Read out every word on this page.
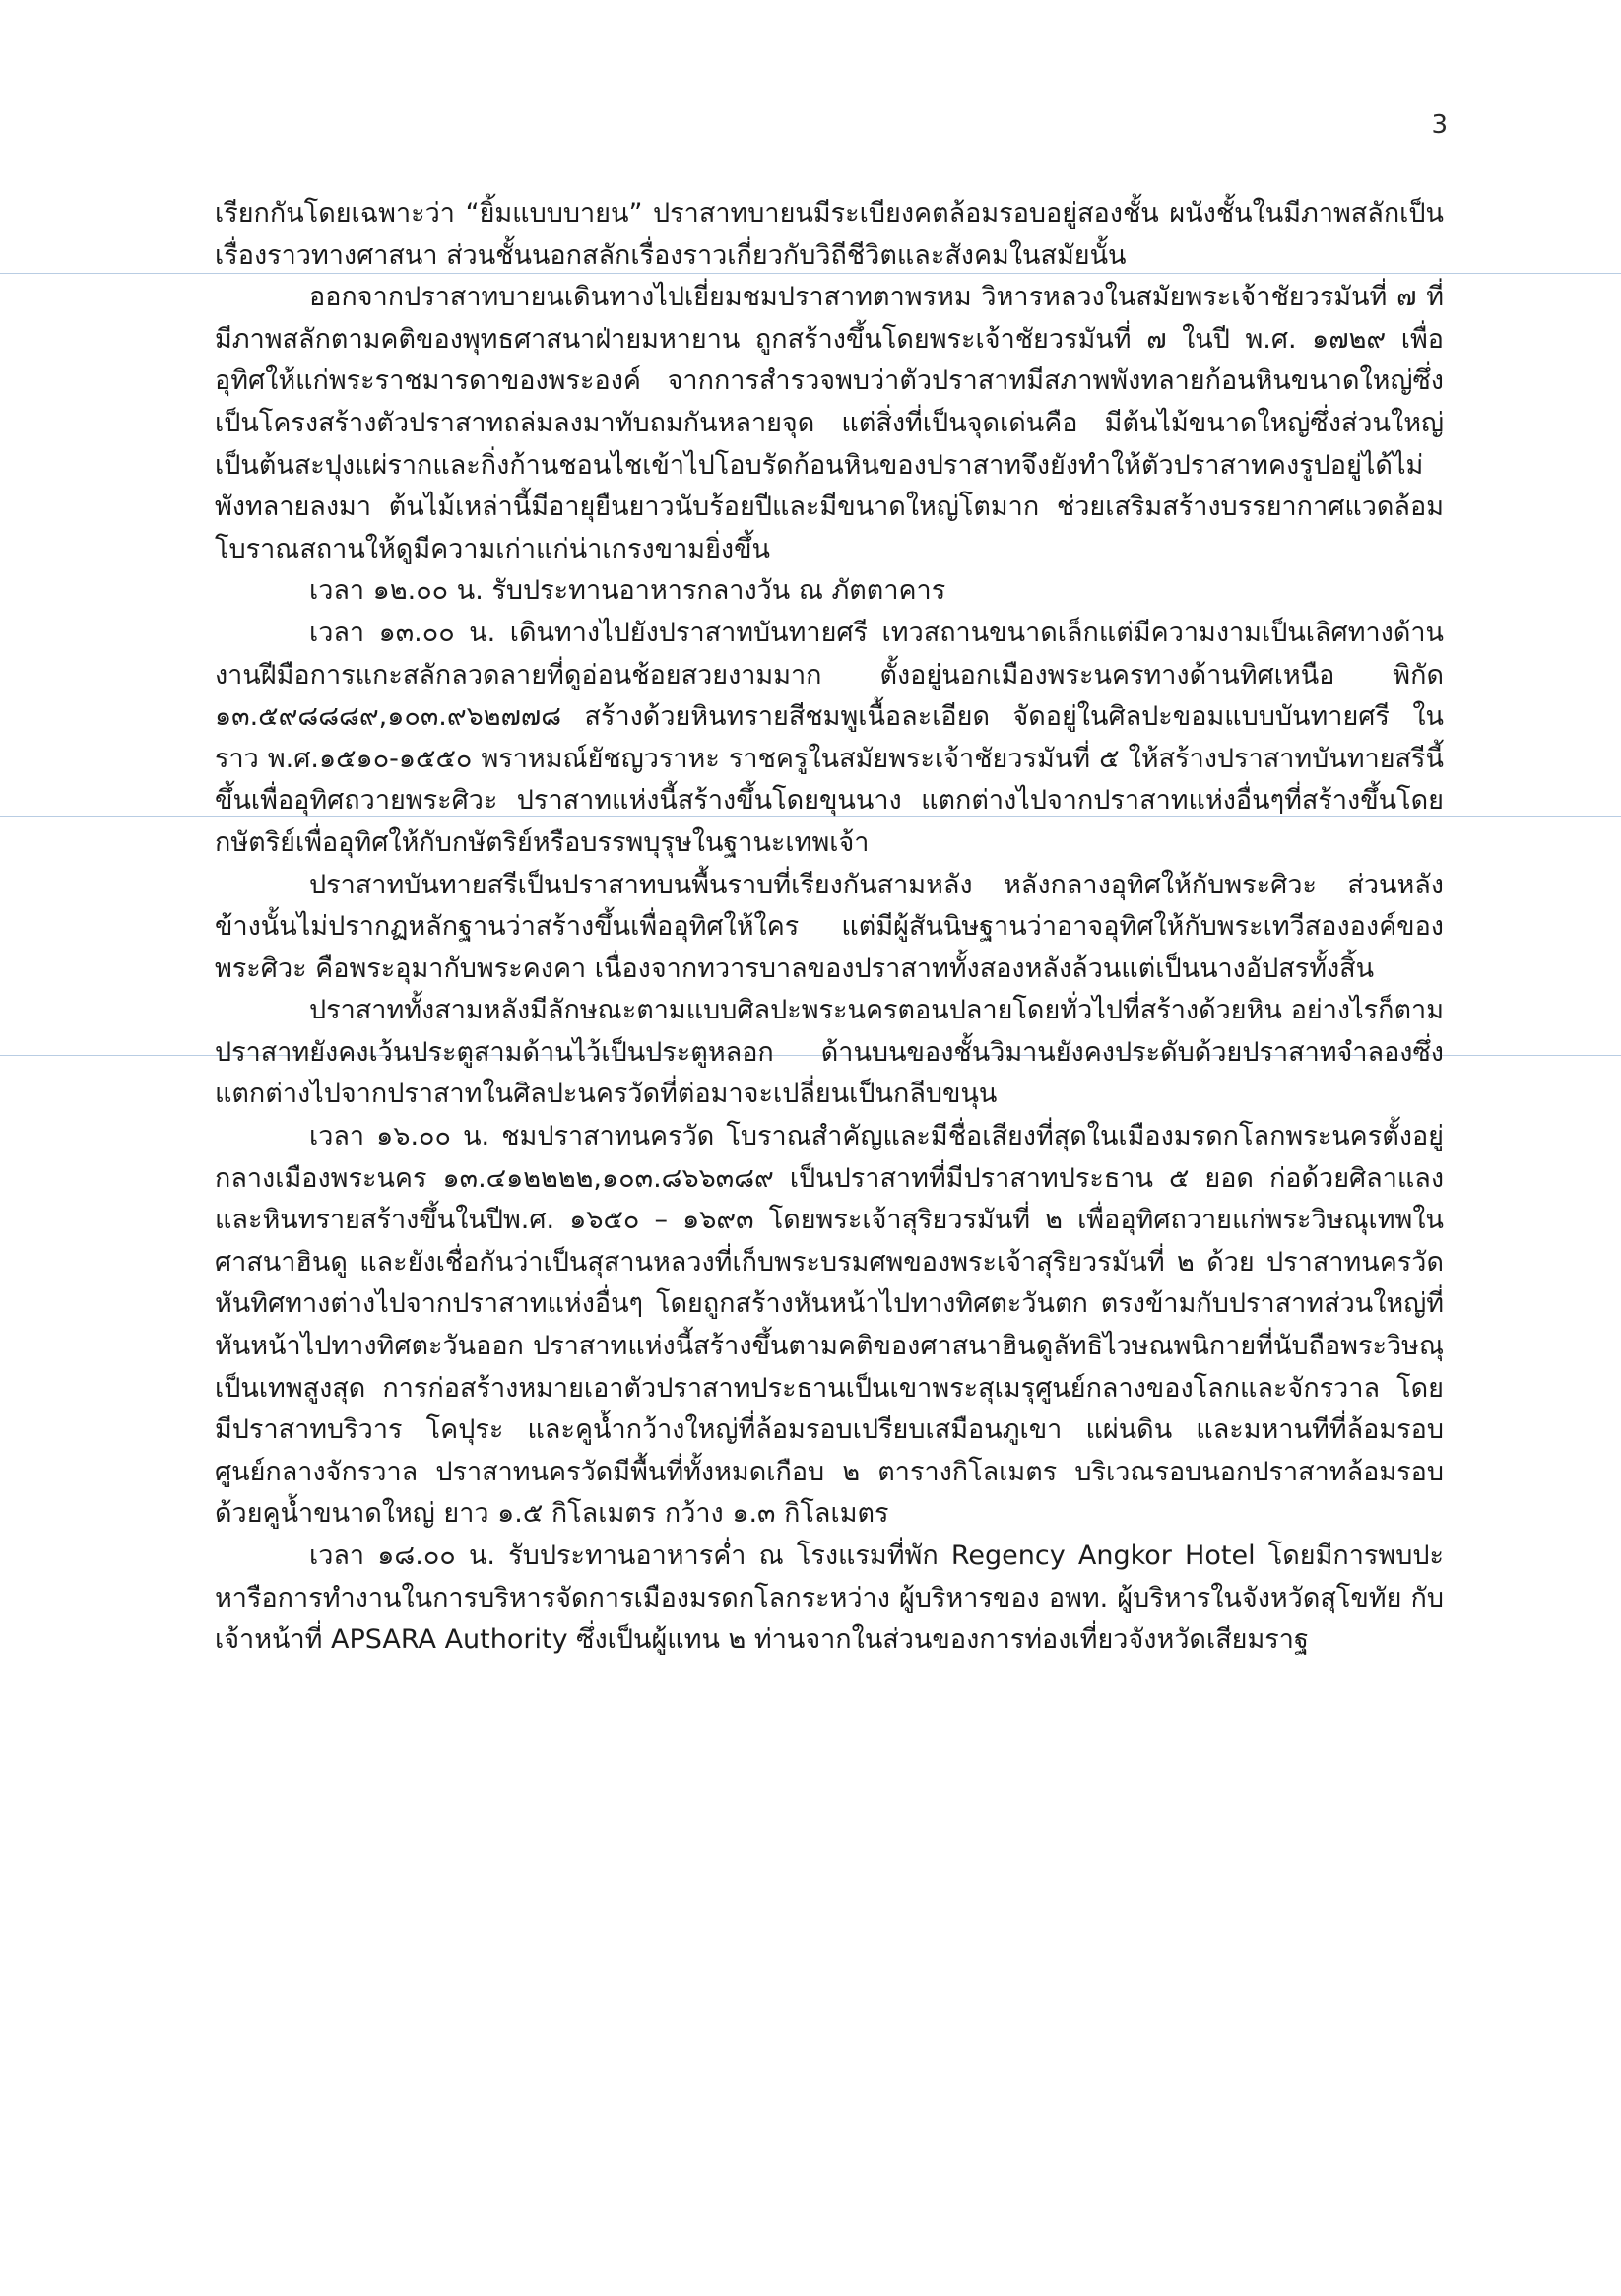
3

เรียกกันโดยเฉพาะว่า “ยิ้มแบบบายน” ปราสาทบายนมีระเบียงคตล้อมรอบอยู่สองชั้น ผนังชั้นในมีภาพสลักเป็นเรื่องราวทางศาสนา ส่วนชั้นนอกสลักเรื่องราวเกี่ยวกับวิถีชีวิตและสังคมในสมัยนั้น

ออกจากปราสาทบายนเดินทางไปเยี่ยมชมปราสาทตาพรหม วิหารหลวงในสมัยพระเจ้าชัยวรมันที่ ๗ ที่มีภาพสลักตามคติของพุทธศาสนาฝ่ายมหายาน ถูกสร้างขึ้นโดยพระเจ้าชัยวรมันที่ ๗ ในปี พ.ศ. ๑๗๒๙ เพื่ออุทิศให้แก่พระราชมารดาของพระองค์ จากการสำรวจพบว่าตัวปราสาทมีสภาพพังทลายก้อนหินขนาดใหญ่ซึ่งเป็นโครงสร้างตัวปราสาทถล่มลงมาทับถมกันหลายจุด แต่สิ่งที่เป็นจุดเด่นคือ มีต้นไม้ขนาดใหญ่ซึ่งส่วนใหญ่เป็นต้นสะปุงแผ่รากและกิ่งก้านชอนไชเข้าไปโอบรัดก้อนหินของปราสาทจึงยังทำให้ตัวปราสาทคงรูปอยู่ได้ไม่พังทลายลงมา ต้นไม้เหล่านี้มีอายุยืนยาวนับร้อยปีและมีขนาดใหญ่โตมาก ช่วยเสริมสร้างบรรยากาศแวดล้อมโบราณสถานให้ดูมีความเก่าแก่น่าเกรงขามยิ่งขึ้น

เวลา ๑๒.๐๐ น. รับประทานอาหารกลางวัน ณ ภัตตาคาร

เวลา ๑๓.๐๐ น. เดินทางไปยังปราสาทบันทายศรี เทวสถานขนาดเล็กแต่มีความงามเป็นเลิศทางด้านงานฝีมือการแกะสลักลวดลายที่ดูอ่อนช้อยสวยงามมาก ตั้งอยู่นอกเมืองพระนครทางด้านทิศเหนือ พิกัด ๑๓.๕๙๘๘๘๙,๑๐๓.๙๖๒๗๗๘ สร้างด้วยหินทรายสีชมพูเนื้อละเอียด จัดอยู่ในศิลปะขอมแบบบันทายศรี ในราว พ.ศ.๑๕๑๐-๑๕๕๐ พราหมณ์ยัชญวราหะ ราชครูในสมัยพระเจ้าชัยวรมันที่ ๕ ให้สร้างปราสาทบันทายสรีนี้ขึ้นเพื่ออุทิศถวายพระศิวะ ปราสาทแห่งนี้สร้างขึ้นโดยขุนนาง แตกต่างไปจากปราสาทแห่งอื่นๆที่สร้างขึ้นโดยกษัตริย์เพื่ออุทิศให้กับกษัตริย์หรือบรรพบุรุษในฐานะเทพเจ้า

ปราสาทบันทายสรีเป็นปราสาทบนพื้นราบที่เรียงกันสามหลัง หลังกลางอุทิศให้กับพระศิวะ ส่วนหลังข้างนั้นไม่ปรากฏหลักฐานว่าสร้างขึ้นเพื่ออุทิศให้ใคร แต่มีผู้สันนิษฐานว่าอาจอุทิศให้กับพระเทวีสององค์ของพระศิวะ คือพระอุมากับพระคงคา เนื่องจากทวารบาลของปราสาททั้งสองหลังล้วนแต่เป็นนางอัปสรทั้งสิ้น

ปราสาททั้งสามหลังมีลักษณะตามแบบศิลปะพระนครตอนปลายโดยทั่วไปที่สร้างด้วยหิน อย่างไรก็ตามปราสาทยังคงเว้นประตูสามด้านไว้เป็นประตูหลอก ด้านบนของชั้นวิมานยังคงประดับด้วยปราสาทจำลองซึ่งแตกต่างไปจากปราสาทในศิลปะนครวัดที่ต่อมาจะเปลี่ยนเป็นกลีบขนุน

เวลา ๑๖.๐๐ น. ชมปราสาทนครวัด โบราณสำคัญและมีชื่อเสียงที่สุดในเมืองมรดกโลกพระนครตั้งอยู่กลางเมืองพระนคร ๑๓.๔๑๒๒๒๒,๑๐๓.๘๖๖๓๘๙ เป็นปราสาทที่มีปราสาทประธาน ๕ ยอด ก่อด้วยศิลาแลงและหินทรายสร้างขึ้นในปีพ.ศ. ๑๖๕๐ – ๑๖๙๓ โดยพระเจ้าสุริยวรมันที่ ๒ เพื่ออุทิศถวายแก่พระวิษณุเทพในศาสนาฮินดู และยังเชื่อกันว่าเป็นสุสานหลวงที่เก็บพระบรมศพของพระเจ้าสุริยวรมันที่ ๒ ด้วย ปราสาทนครวัดหันทิศทางต่างไปจากปราสาทแห่งอื่นๆ โดยถูกสร้างหันหน้าไปทางทิศตะวันตก ตรงข้ามกับปราสาทส่วนใหญ่ที่หันหน้าไปทางทิศตะวันออก ปราสาทแห่งนี้สร้างขึ้นตามคติของศาสนาฮินดูลัทธิไวษณพนิกายที่นับถือพระวิษณุเป็นเทพสูงสุด การก่อสร้างหมายเอาตัวปราสาทประธานเป็นเขาพระสุเมรุศูนย์กลางของโลกและจักรวาล โดยมีปราสาทบริวาร โคปุระ และคูน้ำกว้างใหญ่ที่ล้อมรอบเปรียบเสมือนภูเขา แผ่นดิน และมหานทีที่ล้อมรอบศูนย์กลางจักรวาล ปราสาทนครวัดมีพื้นที่ทั้งหมดเกือบ ๒ ตารางกิโลเมตร บริเวณรอบนอกปราสาทล้อมรอบด้วยคูน้ำขนาดใหญ่ ยาว ๑.๕ กิโลเมตร กว้าง ๑.๓ กิโลเมตร

เวลา ๑๘.๐๐ น. รับประทานอาหารค่ำ ณ โรงแรมที่พัก Regency Angkor Hotel โดยมีการพบปะหารือการทำงานในการบริหารจัดการเมืองมรดกโลกระหว่าง ผู้บริหารของ อพท. ผู้บริหารในจังหวัดสุโขทัย กับเจ้าหน้าที่ APSARA Authority ซึ่งเป็นผู้แทน ๒ ท่านจากในส่วนของการท่องเที่ยวจังหวัดเสียมราฐ
